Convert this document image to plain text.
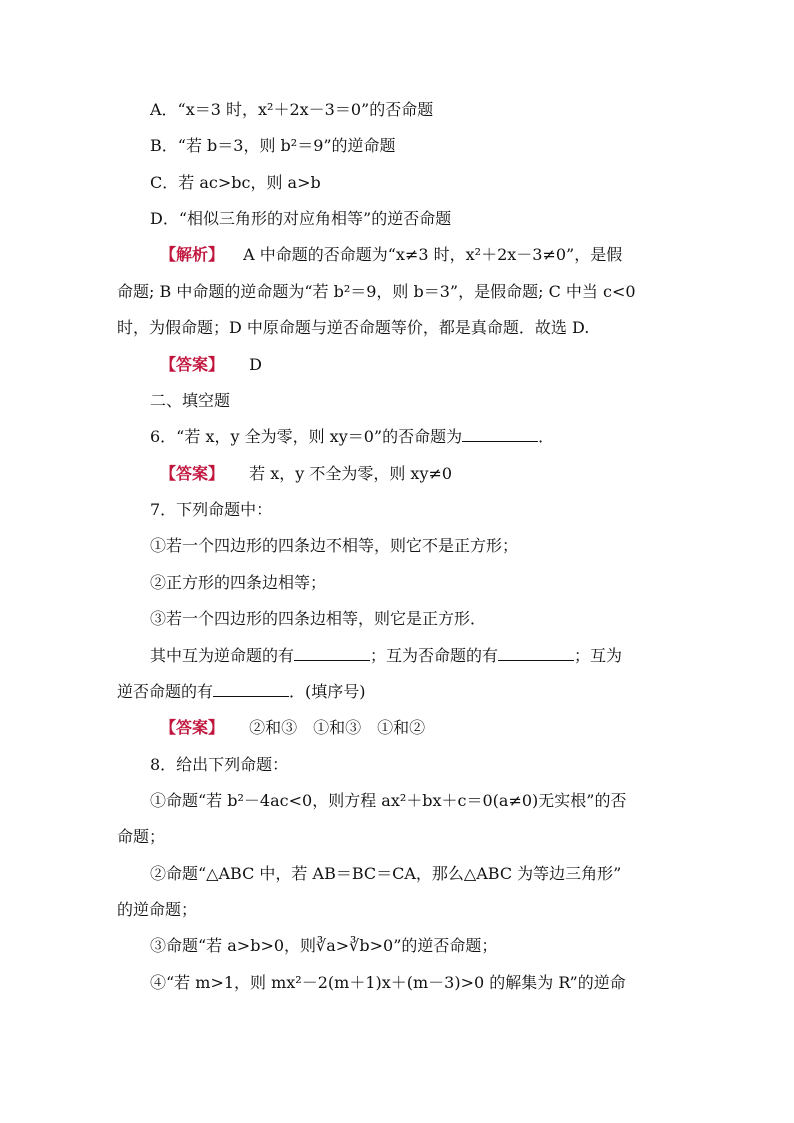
A．“x＝3 时，x²＋2x－3＝0”的否命题
B．“若 b＝3，则 b²＝9”的逆命题
C．若 ac>bc，则 a>b
D．“相似三角形的对应角相等”的逆否命题
【解析】 A 中命题的否命题为“x≠3 时，x²＋2x－3≠0”，是假
命题; B 中命题的逆命题为“若 b²＝9，则 b＝3”，是假命题; C 中当 c<0
时，为假命题；D 中原命题与逆否命题等价，都是真命题．故选 D.
【答案】 D
二、填空题
6．“若 x，y 全为零，则 xy＝0”的否命题为	．
【答案】 若 x，y 不全为零，则 xy≠0
7．下列命题中：
①若一个四边形的四条边不相等，则它不是正方形；
②正方形的四条边相等；
③若一个四边形的四条边相等，则它是正方形．
其中互为逆命题的有	；互为否命题的有	；互为
逆否命题的有	．(填序号)
【答案】 ②和③　①和③　①和②
8．给出下列命题：
①命题“若 b²－4ac<0，则方程 ax²＋bx＋c＝0(a≠0)无实根”的否
命题；
②命题“△ABC 中，若 AB＝BC＝CA，那么△ABC 为等边三角形”
的逆命题；
③命题“若 a>b>0，则∛a>∛b>0”的逆否命题；
④“若 m>1，则 mx²－2(m＋1)x＋(m－3)>0 的解集为 R”的逆命
